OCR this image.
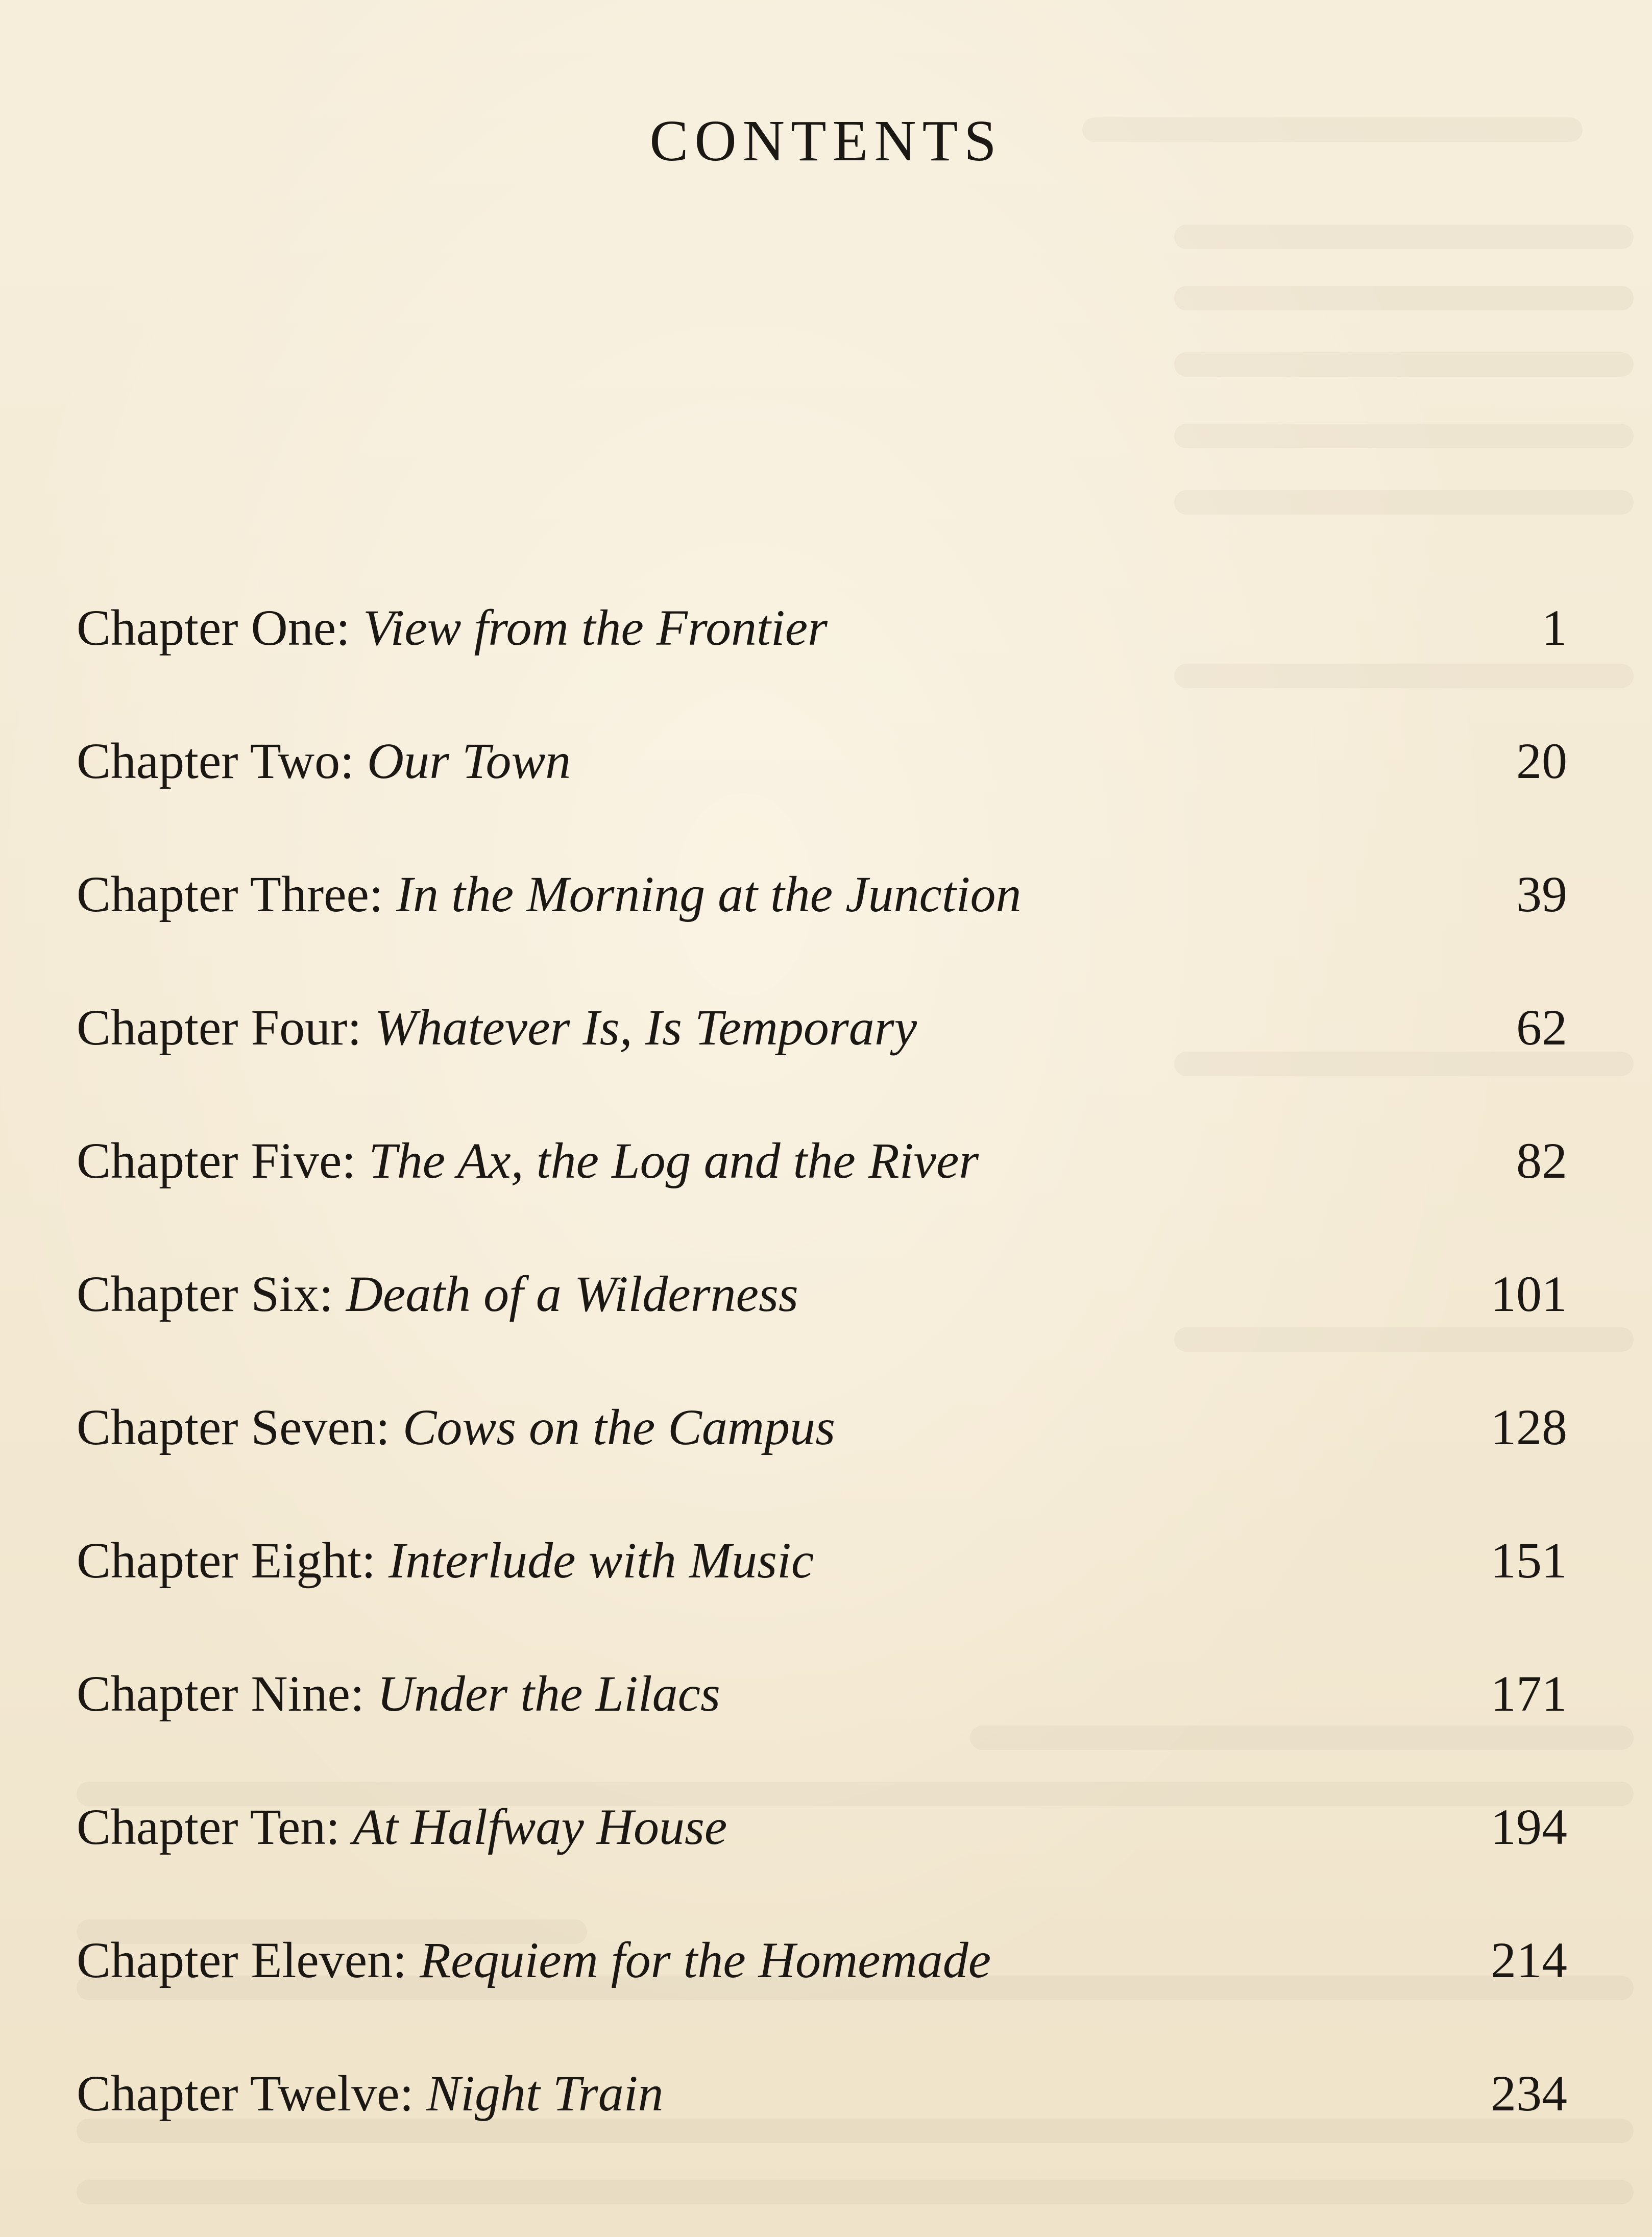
CONTENTS
Chapter One: View from the Frontier	1
Chapter Two: Our Town	20
Chapter Three: In the Morning at the Junction	39
Chapter Four: Whatever Is, Is Temporary	62
Chapter Five: The Ax, the Log and the River	82
Chapter Six: Death of a Wilderness	101
Chapter Seven: Cows on the Campus	128
Chapter Eight: Interlude with Music	151
Chapter Nine: Under the Lilacs	171
Chapter Ten: At Halfway House	194
Chapter Eleven: Requiem for the Homemade	214
Chapter Twelve: Night Train	234
